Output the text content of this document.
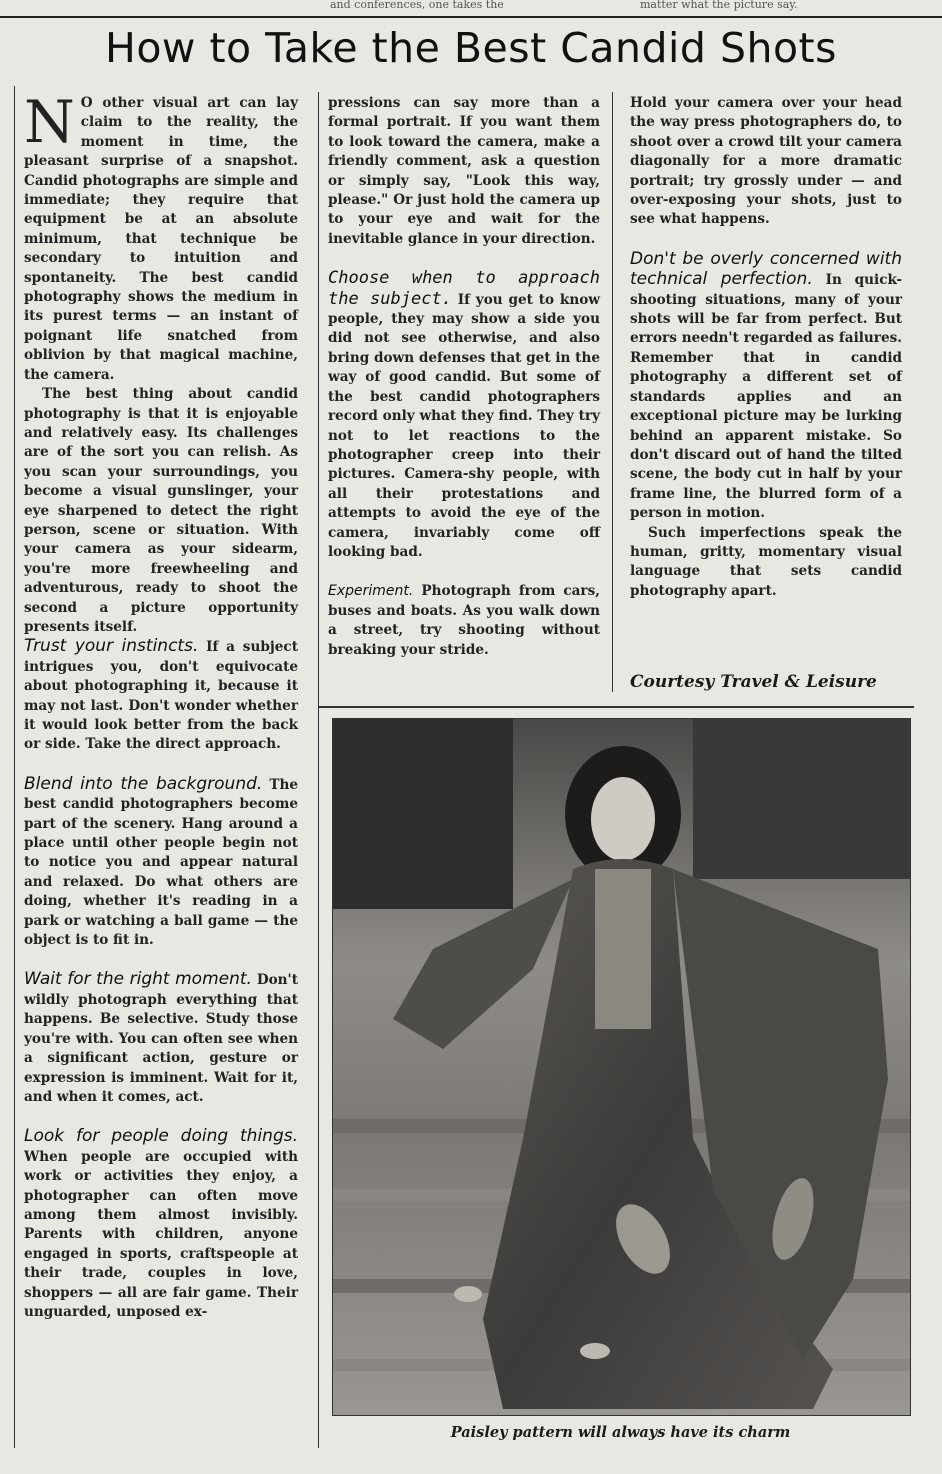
and conferences, one takes the	matter what the picture say.
How to Take the Best Candid Shots

N O other visual art can lay claim to the reality, the moment in time, the pleasant surprise of a snapshot. Candid photographs are simple and immediate; they require that equipment be at an absolute minimum, that technique be secondary to intuition and spontaneity. The best candid photography shows the medium in its purest terms — an instant of poignant life snatched from oblivion by that magical machine, the camera.

The best thing about candid photography is that it is enjoyable and relatively easy. Its challenges are of the sort you can relish. As you scan your surroundings, you become a visual gunslinger, your eye sharpened to detect the right person, scene or situation. With your camera as your sidearm, you're more freewheeling and adventurous, ready to shoot the second a picture opportunity presents itself.

Trust your instincts. If a subject intrigues you, don't equivocate about photographing it, because it may not last. Don't wonder whether it would look better from the back or side. Take the direct approach.

Blend into the background. The best candid photographers become part of the scenery. Hang around a place until other people begin not to notice you and appear natural and relaxed. Do what others are doing, whether it's reading in a park or watching a ball game — the object is to fit in.

Wait for the right moment. Don't wildly photograph everything that happens. Be selective. Study those you're with. You can often see when a significant action, gesture or expression is imminent. Wait for it, and when it comes, act.

Look for people doing things. When people are occupied with work or activities they enjoy, a photographer can often move among them almost invisibly. Parents with children, anyone engaged in sports, craftspeople at their trade, couples in love, shoppers — all are fair game. Their unguarded, unposed ex-

pressions can say more than a formal portrait. If you want them to look toward the camera, make a friendly comment, ask a question or simply say, "Look this way, please." Or just hold the camera up to your eye and wait for the inevitable glance in your direction.

Choose when to approach the subject. If you get to know people, they may show a side you did not see otherwise, and also bring down defenses that get in the way of good candid. But some of the best candid photographers record only what they find. They try not to let reactions to the photographer creep into their pictures. Camera-shy people, with all their protestations and attempts to avoid the eye of the camera, invariably come off looking bad.

Experiment. Photograph from cars, buses and boats. As you walk down a street, try shooting without breaking your stride.

Hold your camera over your head the way press photographers do, to shoot over a crowd tilt your camera diagonally for a more dramatic portrait; try grossly under — and over-exposing your shots, just to see what happens.

Don't be overly concerned with technical perfection. In quick-shooting situations, many of your shots will be far from perfect. But errors needn't regarded as failures. Remember that in candid photography a different set of standards applies and an exceptional picture may be lurking behind an apparent mistake. So don't discard out of hand the tilted scene, the body cut in half by your frame line, the blurred form of a person in motion.

Such imperfections speak the human, gritty, momentary visual language that sets candid photography apart.

Courtesy Travel & Leisure
Paisley pattern will always have its charm
